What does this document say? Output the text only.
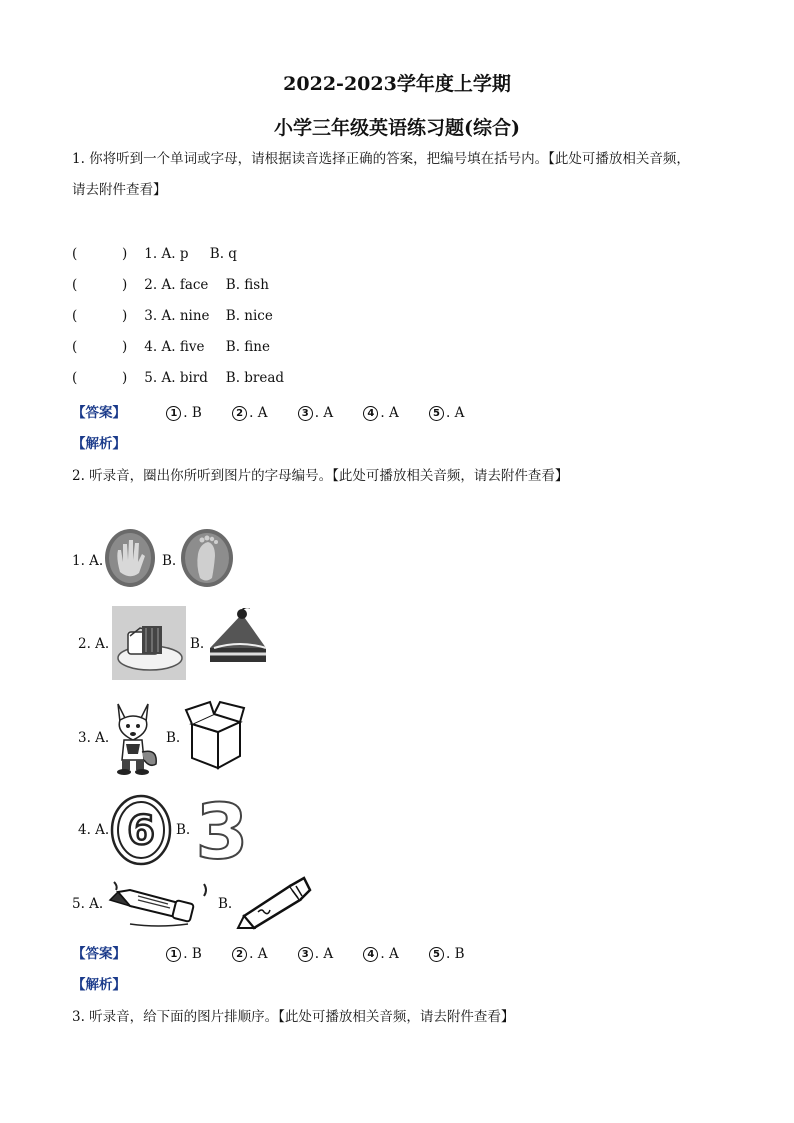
2022-2023学年度上学期
小学三年级英语练习题(综合)
1. 你将听到一个单词或字母，请根据读音选择正确的答案，把编号填在括号内。【此处可播放相关音频，
请去附件查看】
(	) 1. A. p B. q
(	) 2. A. face B. fish
(	) 3. A. nine B. nice
(	) 4. A. five B. fine
(	) 5. A. bird B. bread
【答案】	1 . B	2 . A	3 . A	4 . A	5 . A
【解析】
2. 听录音，圈出你所听到图片的字母编号。【此处可播放相关音频，请去附件查看】
1. A.	B.
2. A.	B.
3. A.	B.
4. A. 6 B. 3
5. A.	B.
【答案】	1 . B	2 . A	3 . A	4 . A	5 . B
【解析】
3. 听录音，给下面的图片排顺序。【此处可播放相关音频，请去附件查看】
